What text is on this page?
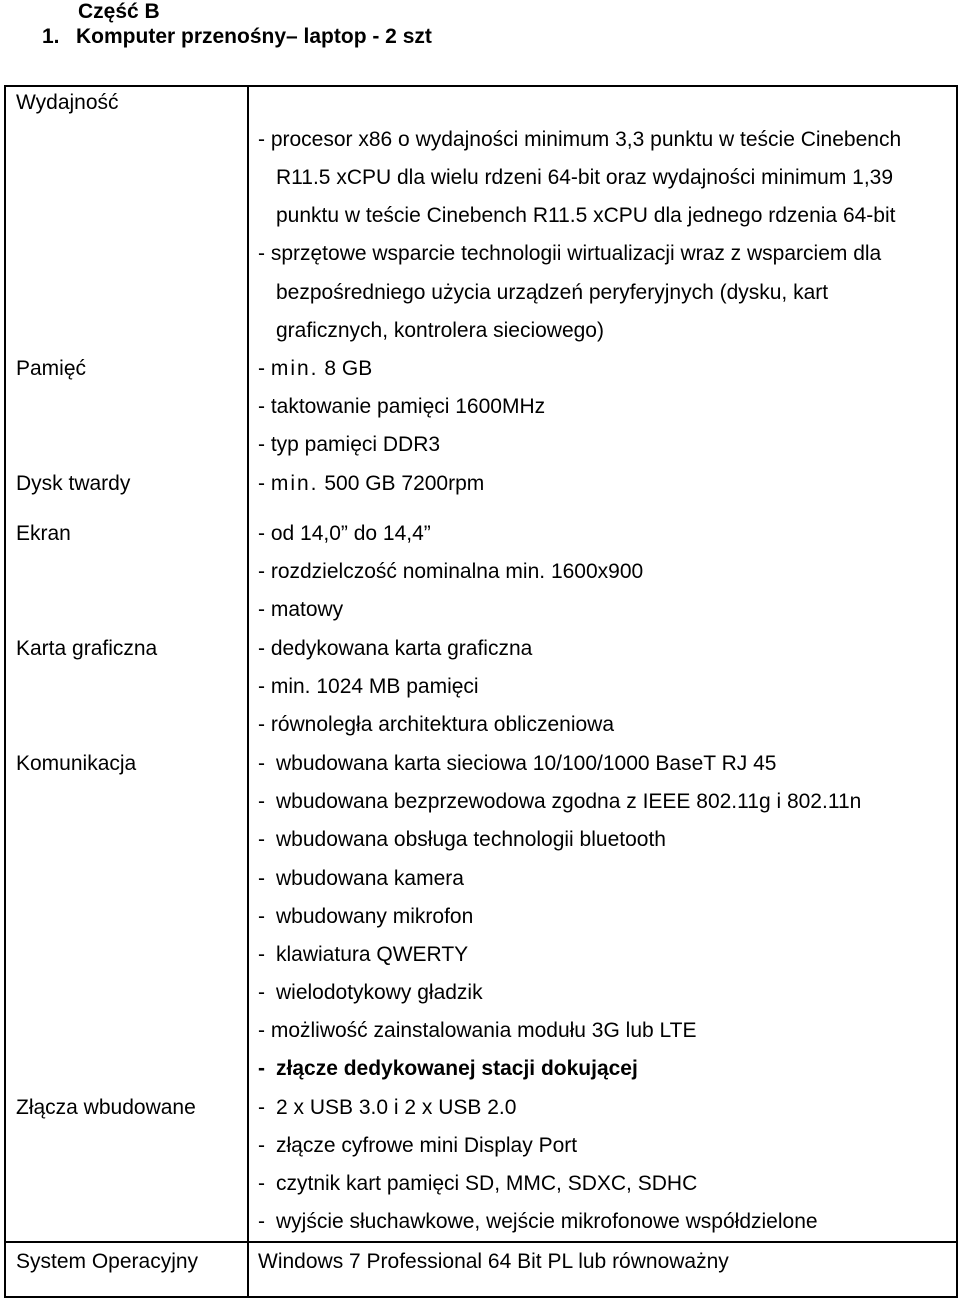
Część B
1. Komputer przenośny– laptop - 2 szt
Wydajność
- procesor x86 o wydajności minimum 3,3 punktu w teście Cinebench
R11.5 xCPU dla wielu rdzeni 64-bit oraz wydajności minimum 1,39
punktu w teście Cinebench R11.5 xCPU dla jednego rdzenia 64-bit
- sprzętowe wsparcie technologii wirtualizacji wraz z wsparciem dla
bezpośredniego użycia urządzeń peryferyjnych (dysku, kart
graficznych, kontrolera sieciowego)
Pamięć	- min. 8 GB
- taktowanie pamięci 1600MHz
- typ pamięci DDR3
Dysk twardy	- min. 500 GB 7200rpm
Ekran	- od 14,0” do 14,4”
- rozdzielczość nominalna min. 1600x900
- matowy
Karta graficzna	- dedykowana karta graficzna
- min. 1024 MB pamięci
- równoległa architektura obliczeniowa
Komunikacja	- wbudowana karta sieciowa 10/100/1000 BaseT RJ 45
- wbudowana bezprzewodowa zgodna z IEEE 802.11g i 802.11n
- wbudowana obsługa technologii bluetooth
- wbudowana kamera
- wbudowany mikrofon
- klawiatura QWERTY
- wielodotykowy gładzik
- możliwość zainstalowania modułu 3G lub LTE
- złącze dedykowanej stacji dokującej
Złącza wbudowane	- 2 x USB 3.0 i 2 x USB 2.0
- złącze cyfrowe mini Display Port
- czytnik kart pamięci SD, MMC, SDXC, SDHC
- wyjście słuchawkowe, wejście mikrofonowe współdzielone
System Operacyjny	Windows 7 Professional 64 Bit PL lub równoważny
